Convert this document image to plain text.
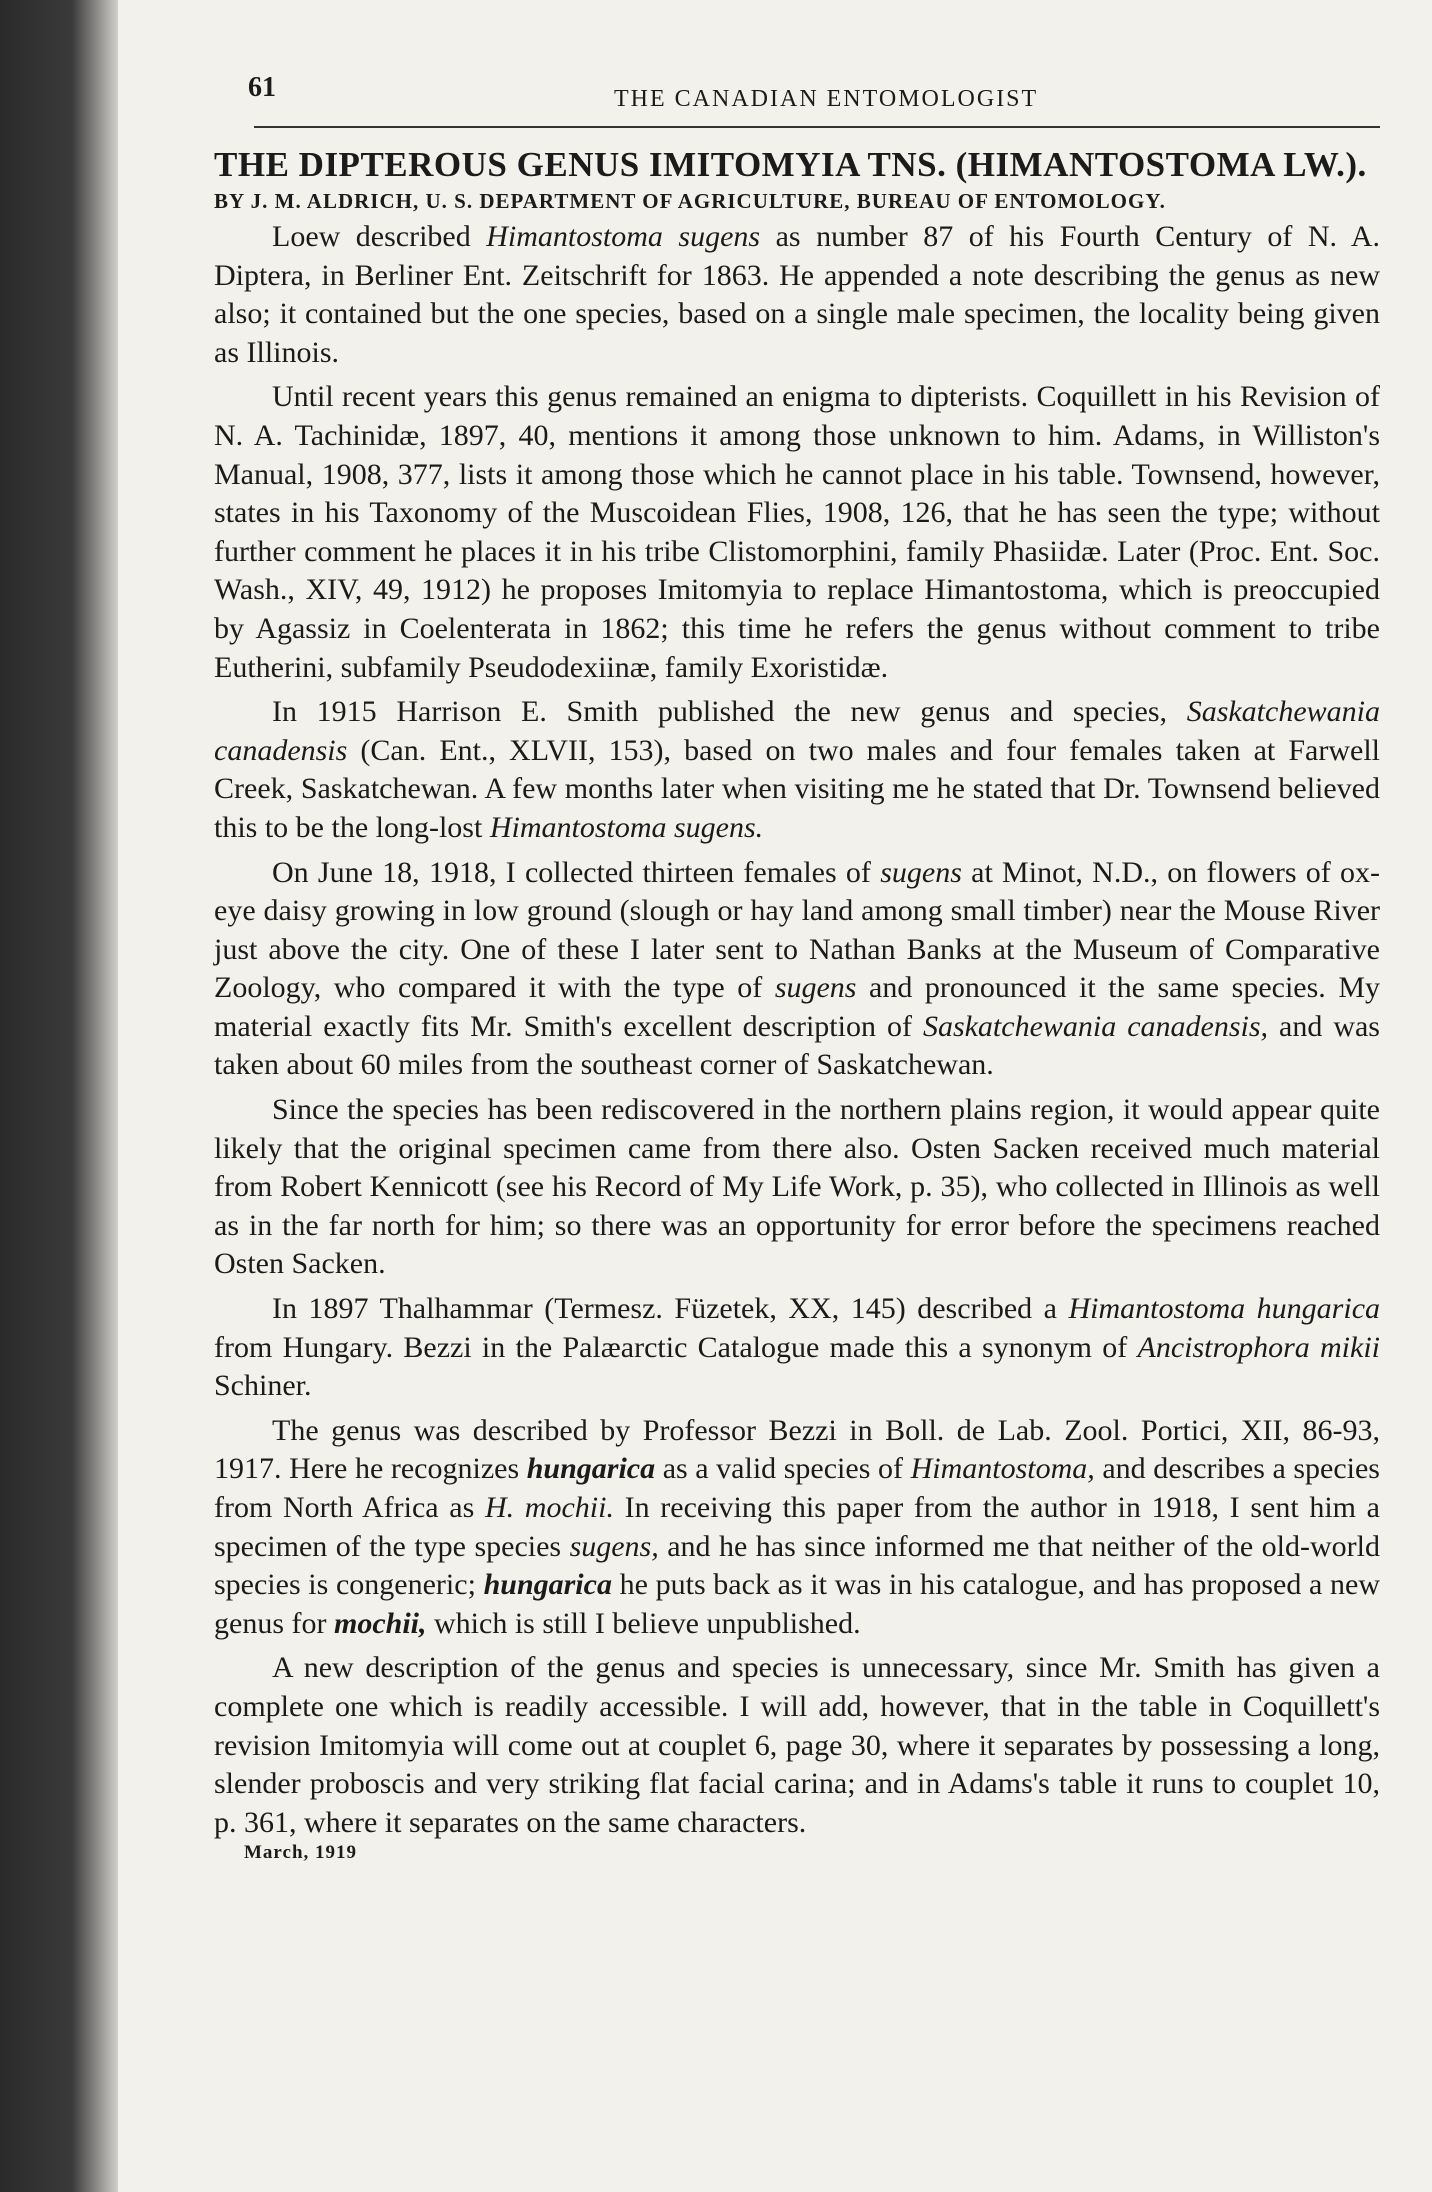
61	THE CANADIAN ENTOMOLOGIST
THE DIPTEROUS GENUS IMITOMYIA TNS. (HIMANTOSTOMA LW.).
BY J. M. ALDRICH, U. S. DEPARTMENT OF AGRICULTURE, BUREAU OF ENTOMOLOGY.

Loew described Himantostoma sugens as number 87 of his Fourth Century of N. A. Diptera, in Berliner Ent. Zeitschrift for 1863. He appended a note describing the genus as new also; it contained but the one species, based on a single male specimen, the locality being given as Illinois.

Until recent years this genus remained an enigma to dipterists. Coquillett in his Revision of N. A. Tachinidæ, 1897, 40, mentions it among those unknown to him. Adams, in Williston's Manual, 1908, 377, lists it among those which he cannot place in his table. Townsend, however, states in his Taxonomy of the Muscoidean Flies, 1908, 126, that he has seen the type; without further comment he places it in his tribe Clistomorphini, family Phasiidæ. Later (Proc. Ent. Soc. Wash., XIV, 49, 1912) he proposes Imitomyia to replace Himantostoma, which is preoccupied by Agassiz in Coelenterata in 1862; this time he refers the genus without comment to tribe Eutherini, subfamily Pseudodexiinæ, family Exoristidæ.

In 1915 Harrison E. Smith published the new genus and species, Saskatchewania canadensis (Can. Ent., XLVII, 153), based on two males and four females taken at Farwell Creek, Saskatchewan. A few months later when visiting me he stated that Dr. Townsend believed this to be the long-lost Himantostoma sugens.

On June 18, 1918, I collected thirteen females of sugens at Minot, N.D., on flowers of ox-eye daisy growing in low ground (slough or hay land among small timber) near the Mouse River just above the city. One of these I later sent to Nathan Banks at the Museum of Comparative Zoology, who compared it with the type of sugens and pronounced it the same species. My material exactly fits Mr. Smith's excellent description of Saskatchewania canadensis, and was taken about 60 miles from the southeast corner of Saskatchewan.

Since the species has been rediscovered in the northern plains region, it would appear quite likely that the original specimen came from there also. Osten Sacken received much material from Robert Kennicott (see his Record of My Life Work, p. 35), who collected in Illinois as well as in the far north for him; so there was an opportunity for error before the specimens reached Osten Sacken.

In 1897 Thalhammar (Termesz. Füzetek, XX, 145) described a Himantostoma hungarica from Hungary. Bezzi in the Palæarctic Catalogue made this a synonym of Ancistrophora mikii Schiner.

The genus was described by Professor Bezzi in Boll. de Lab. Zool. Portici, XII, 86-93, 1917. Here he recognizes hungarica as a valid species of Himantostoma, and describes a species from North Africa as H. mochii. In receiving this paper from the author in 1918, I sent him a specimen of the type species sugens, and he has since informed me that neither of the old-world species is congeneric; hungarica he puts back as it was in his catalogue, and has proposed a new genus for mochii, which is still I believe unpublished.

A new description of the genus and species is unnecessary, since Mr. Smith has given a complete one which is readily accessible. I will add, however, that in the table in Coquillett's revision Imitomyia will come out at couplet 6, page 30, where it separates by possessing a long, slender proboscis and very striking flat facial carina; and in Adams's table it runs to couplet 10, p. 361, where it separates on the same characters.

March, 1919
